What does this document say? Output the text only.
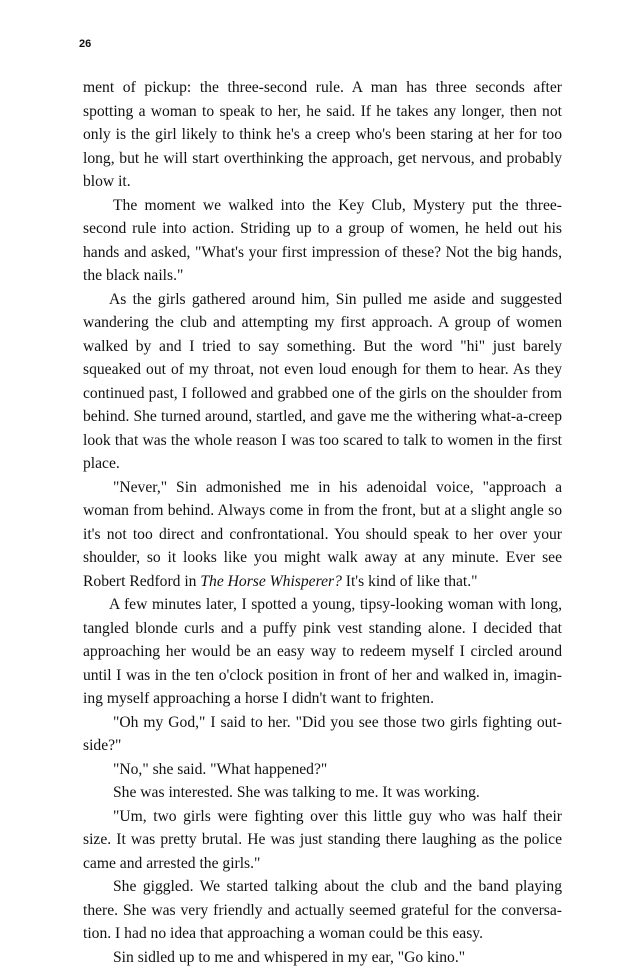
26

ment of pickup: the three-second rule. A man has three seconds after spotting a woman to speak to her, he said. If he takes any longer, then not only is the girl likely to think he's a creep who's been staring at her for too long, but he will start overthinking the approach, get nervous, and probably blow it.

The moment we walked into the Key Club, Mystery put the three-second rule into action. Striding up to a group of women, he held out his hands and asked, "What's your first impression of these? Not the big hands, the black nails."

As the girls gathered around him, Sin pulled me aside and suggested wandering the club and attempting my first approach. A group of women walked by and I tried to say something. But the word "hi" just barely squeaked out of my throat, not even loud enough for them to hear. As they continued past, I followed and grabbed one of the girls on the shoulder from behind. She turned around, startled, and gave me the withering what-a-creep look that was the whole reason I was too scared to talk to women in the first place.

"Never," Sin admonished me in his adenoidal voice, "approach a woman from behind. Always come in from the front, but at a slight angle so it's not too direct and confrontational. You should speak to her over your shoulder, so it looks like you might walk away at any minute. Ever see Robert Redford in The Horse Whisperer? It's kind of like that."

A few minutes later, I spotted a young, tipsy-looking woman with long, tangled blonde curls and a puffy pink vest standing alone. I decided that approaching her would be an easy way to redeem myself I circled around until I was in the ten o'clock position in front of her and walked in, imagin-ing myself approaching a horse I didn't want to frighten.

"Oh my God," I said to her. "Did you see those two girls fighting out-side?"

"No," she said. "What happened?"

She was interested. She was talking to me. It was working.

"Um, two girls were fighting over this little guy who was half their size. It was pretty brutal. He was just standing there laughing as the police came and arrested the girls."

She giggled. We started talking about the club and the band playing there. She was very friendly and actually seemed grateful for the conversa-tion. I had no idea that approaching a woman could be this easy.

Sin sidled up to me and whispered in my ear, "Go kino."
